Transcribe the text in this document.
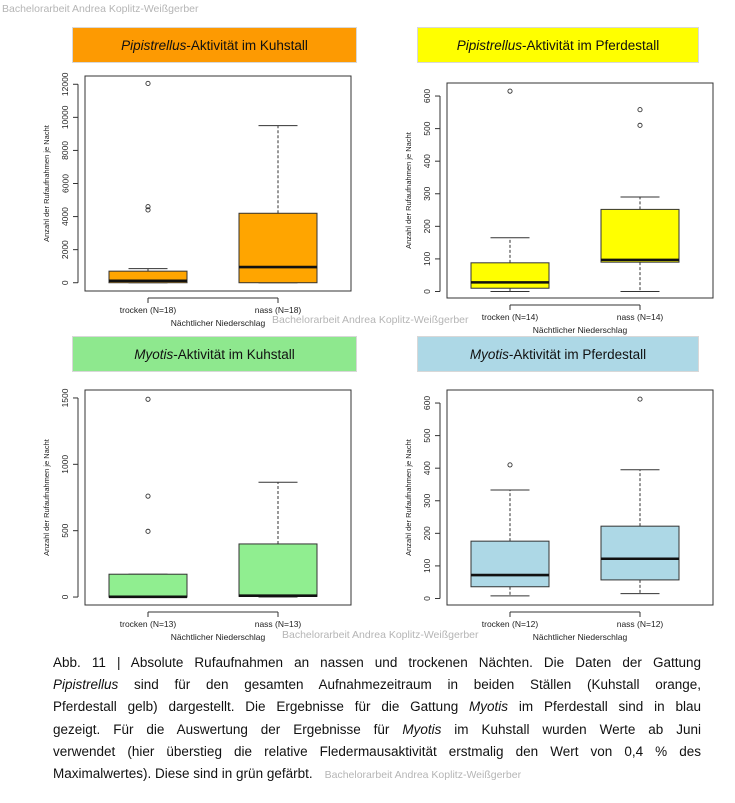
Bachelorarbeit Andrea Koplitz-Weißgerber
Bachelorarbeit Andrea Koplitz-Weißgerber
Bachelorarbeit Andrea Koplitz-Weißgerber
Pipistrellus -Aktivität im Kuhstall	Pipistrellus -Aktivität im Pferdestall
Myotis -Aktivität im Kuhstall	Myotis -Aktivität im Pferdestall
0
2000
4000
6000
8000
10000
12000
Anzahl der Rufaufnahmen je Nacht
trocken (N=18)	nass (N=18)
Nächtlicher Niederschlag
0
100
200
300
400
500
600
Anzahl der Rufaufnahmen je Nacht
trocken (N=14)	nass (N=14)
Nächtlicher Niederschlag
0
500
1000
1500
Anzahl der Rufaufnahmen je Nacht
trocken (N=13)	nass (N=13)
Nächtlicher Niederschlag
0
100
200
300
400
500
600
Anzahl der Rufaufnahmen je Nacht
trocken (N=12)	nass (N=12)
Nächtlicher Niederschlag
Abb. 11 | Absolute Rufaufnahmen an nassen und trockenen Nächten. Die Daten der Gattung
Pipistrellus sind für den gesamten Aufnahmezeitraum in beiden Ställen (Kuhstall orange,
Pferdestall gelb) dargestellt. Die Ergebnisse für die Gattung Myotis im Pferdestall sind in blau
gezeigt. Für die Auswertung der Ergebnisse für Myotis im Kuhstall wurden Werte ab Juni
verwendet (hier überstieg die relative Fledermausaktivität erstmalig den Wert von 0,4 % des
Maximalwertes). Diese sind in grün gefärbt. Bachelorarbeit Andrea Koplitz-Weißgerber
